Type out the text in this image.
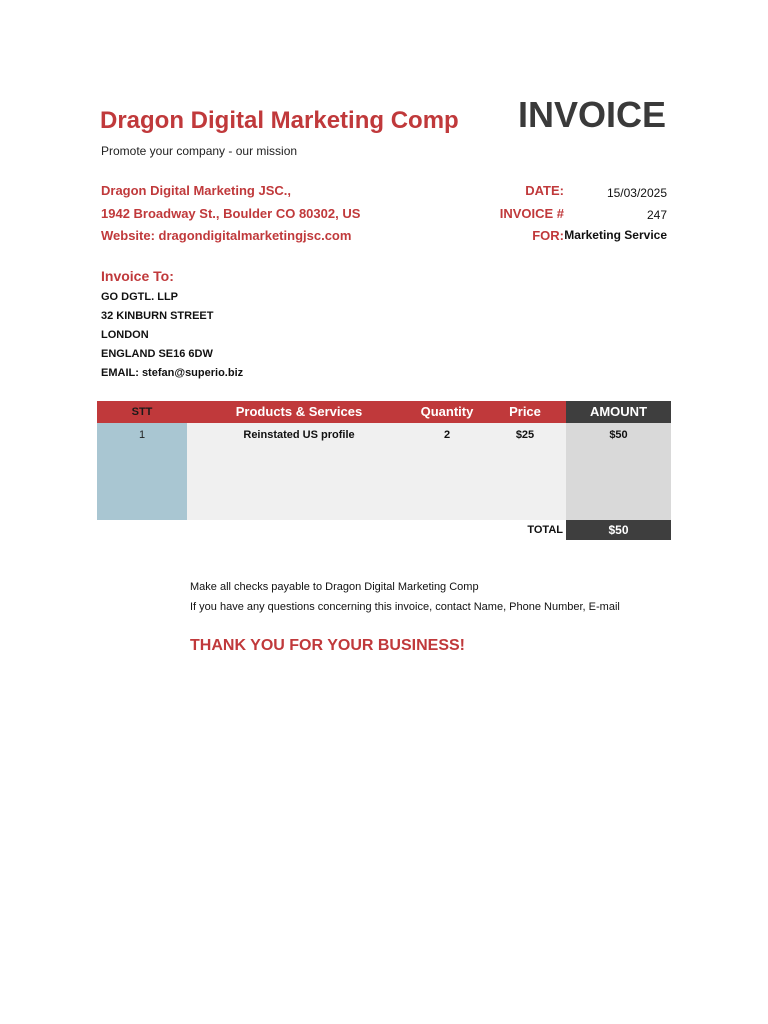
Dragon Digital Marketing Comp INVOICE
Promote your company - our mission
Dragon Digital Marketing JSC.,
1942 Broadway St., Boulder CO 80302, US
Website: dragondigitalmarketingjsc.com
DATE:	15/03/2025
INVOICE #	247
FOR: Marketing Service
Invoice To:
GO DGTL. LLP
32 KINBURN STREET
LONDON
ENGLAND SE16 6DW
EMAIL: stefan@superio.biz
STT	Products & Services	Quantity	Price	AMOUNT
1	Reinstated US profile	2	$25	$50
TOTAL	$50
Make all checks payable to Dragon Digital Marketing Comp
If you have any questions concerning this invoice, contact Name, Phone Number, E-mail
THANK YOU FOR YOUR BUSINESS!
